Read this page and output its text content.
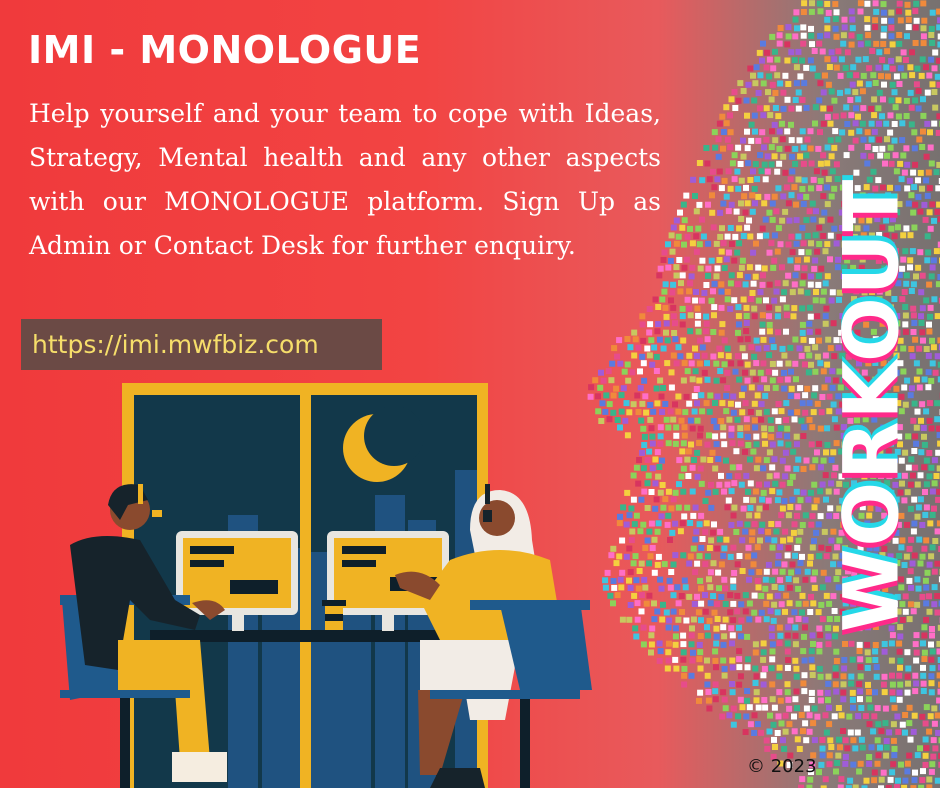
IMI - MONOLOGUE

Help yourself and your team to cope with Ideas, Strategy, Mental health and any other aspects with our MONOLOGUE platform. Sign Up as Admin or Contact Desk for further enquiry.

https://imi.mwfbiz.com	WORKOUT
© 2023
